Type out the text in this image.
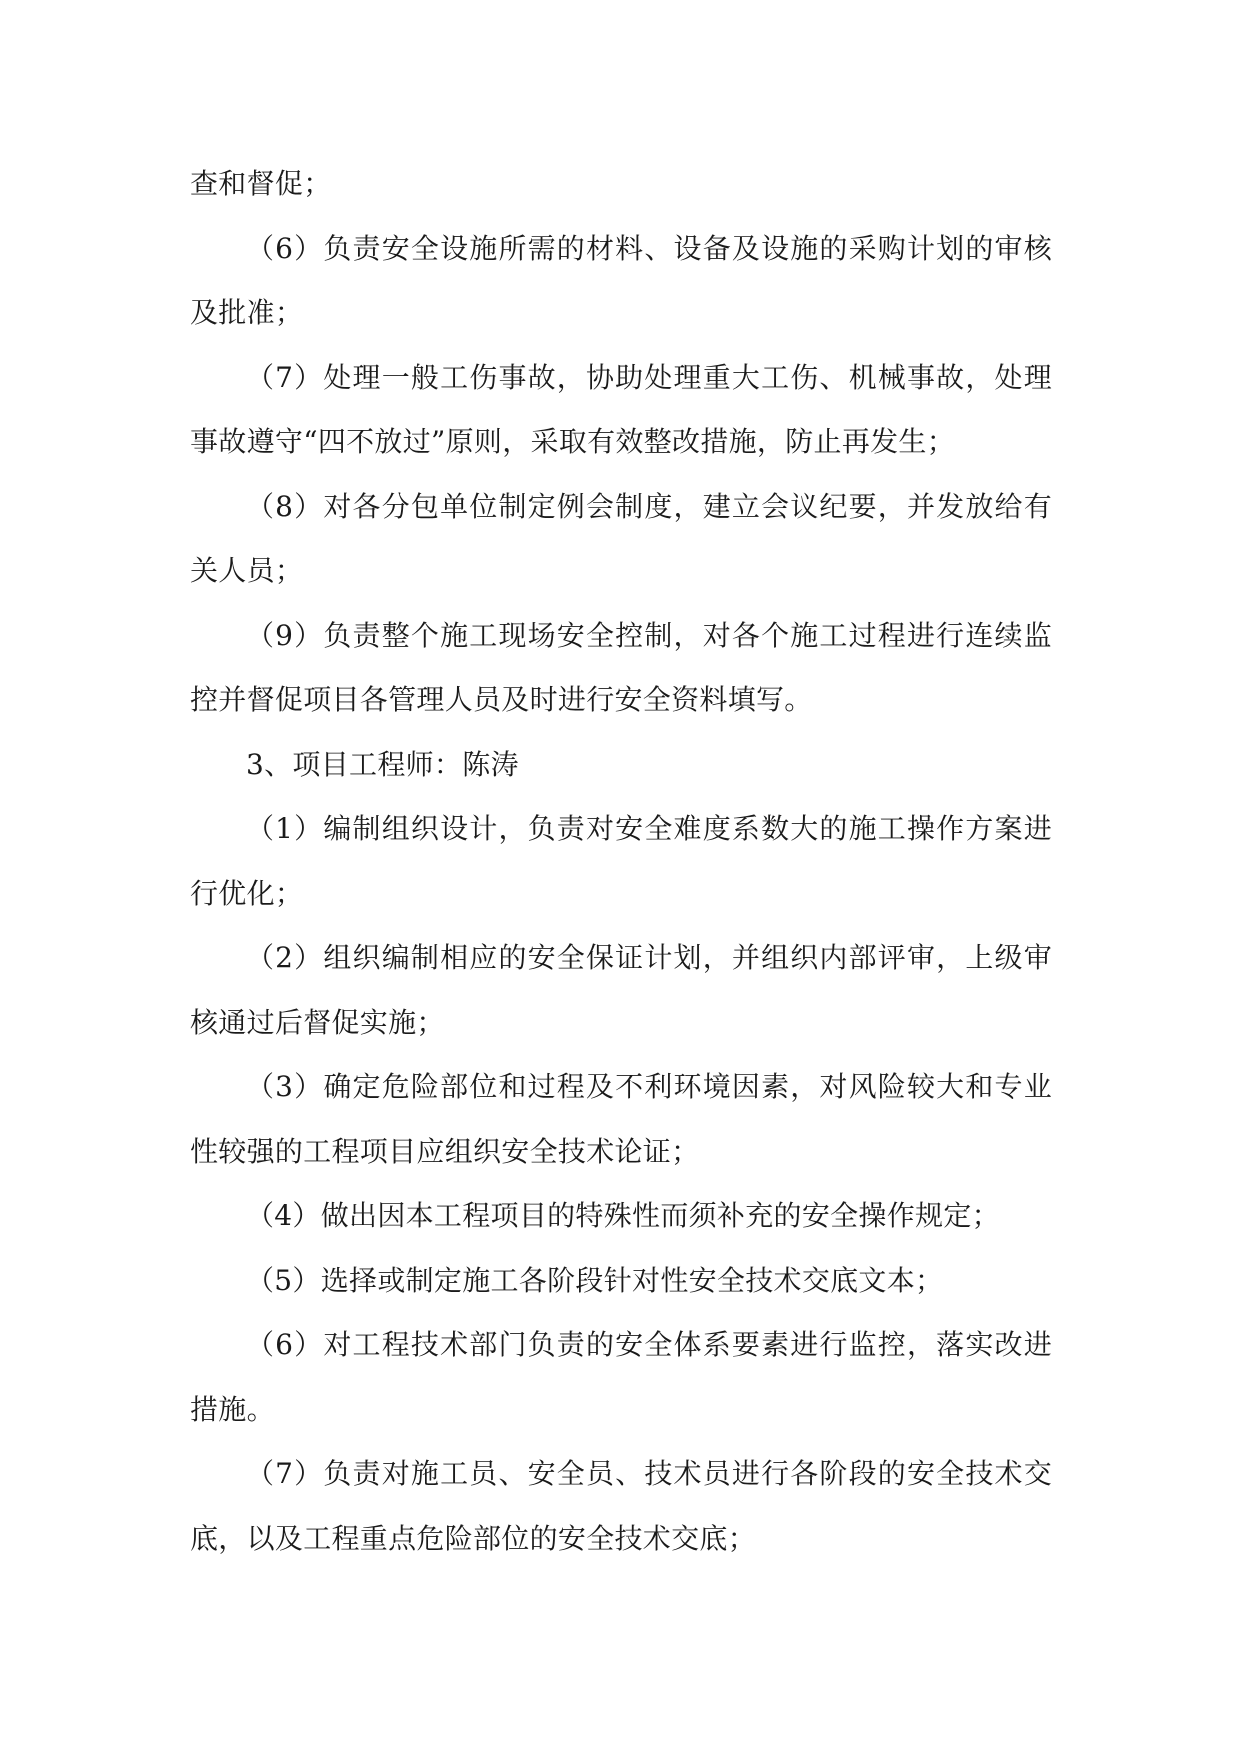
查和督促；

（6）负责安全设施所需的材料、设备及设施的采购计划的审核及批准；

（7）处理一般工伤事故，协助处理重大工伤、机械事故，处理事故遵守“四不放过”原则，采取有效整改措施，防止再发生；

（8）对各分包单位制定例会制度，建立会议纪要，并发放给有关人员；

（9）负责整个施工现场安全控制，对各个施工过程进行连续监控并督促项目各管理人员及时进行安全资料填写。

3、项目工程师：陈涛

（1）编制组织设计，负责对安全难度系数大的施工操作方案进行优化；

（2）组织编制相应的安全保证计划，并组织内部评审，上级审核通过后督促实施；

（3）确定危险部位和过程及不利环境因素，对风险较大和专业性较强的工程项目应组织安全技术论证；

（4）做出因本工程项目的特殊性而须补充的安全操作规定；

（5）选择或制定施工各阶段针对性安全技术交底文本；

（6）对工程技术部门负责的安全体系要素进行监控，落实改进措施。

（7）负责对施工员、安全员、技术员进行各阶段的安全技术交底，以及工程重点危险部位的安全技术交底；
